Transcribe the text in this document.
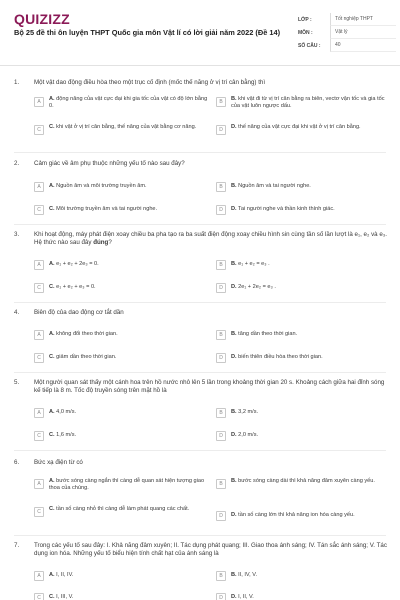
QUIZIZZ
Bộ 25 đề thi ôn luyện THPT Quốc gia môn Vật lí có lời giải năm 2022 (Đề 14)
LỚP :	Tốt nghiệp THPT
MÔN :	Vật lý
SỐ CÂU :	40
1. Một vật dao động điều hòa theo một trục cố định (mốc thế năng ở vị trí cân bằng) thì
A	A. động năng của vật cực đại khi gia tốc của vật có độ lớn bằng 0.
B	B. khi vật đi từ vị trí cân bằng ra biên, vectơ vận tốc và gia tốc của vật luôn ngược dấu.
C	C. khi vật ở vị trí cân bằng, thế năng của vật bằng cơ năng.	D	D. thế năng của vật cực đại khi vật ở vị trí cân bằng.
2. Cảm giác về âm phụ thuộc những yếu tố nào sau đây?
A	A. Nguồn âm và môi trường truyền âm.	B	B. Nguồn âm và tai người nghe.
C	C. Môi trường truyền âm và tai người nghe.	D	D. Tai người nghe và thần kinh thính giác.
3. Khi hoạt động, máy phát điện xoay chiều ba pha tạo ra ba suất điện động xoay chiều hình sin cùng tần số lần lượt là e₁, e₂ và e₃. Hệ thức nào sau đây đúng?
A	A. e₁ + e₂ + 2e₃ = 0.	B	B. e₁ + e₂ = e₃ .
C	C. e₁ + e₂ + e₃ = 0.	D	D. 2e₁ + 2e₂ = e₃ .
4. Biên độ của dao động cơ tắt dần
A	A. không đổi theo thời gian.	B	B. tăng dần theo thời gian.
C	C. giảm dần theo thời gian.	D	D. biến thiên điều hòa theo thời gian.
5. Một người quan sát thấy một cánh hoa trên hồ nước nhô lên 5 lần trong khoảng thời gian 20 s. Khoảng cách giữa hai đỉnh sóng kế tiếp là 8 m. Tốc độ truyền sóng trên mặt hồ là
A	A. 4,0 m/s.	B	B. 3,2 m/s.
C	C. 1,6 m/s.	D	D. 2,0 m/s.
6. Bức xạ điện từ có
A	A. bước sóng càng ngắn thì càng dễ quan sát hiện tượng giao thoa của chúng.
B	B. bước sóng càng dài thì khả năng đâm xuyên càng yếu.
C	C. tần số càng nhỏ thì càng dễ làm phát quang các chất.
D	D. tần số càng lớn thì khả năng ion hóa càng yếu.
7. Trong các yếu tố sau đây: I. Khả năng đâm xuyên; II. Tác dụng phát quang; III. Giao thoa ánh sáng; IV. Tán sắc ánh sáng; V. Tác dụng ion hóa. Những yếu tố biểu hiện tính chất hạt của ánh sáng là
A	A. I, II, IV.	B	B. II, IV, V.
C	C. I, III, V.	D	D. I, II, V.
